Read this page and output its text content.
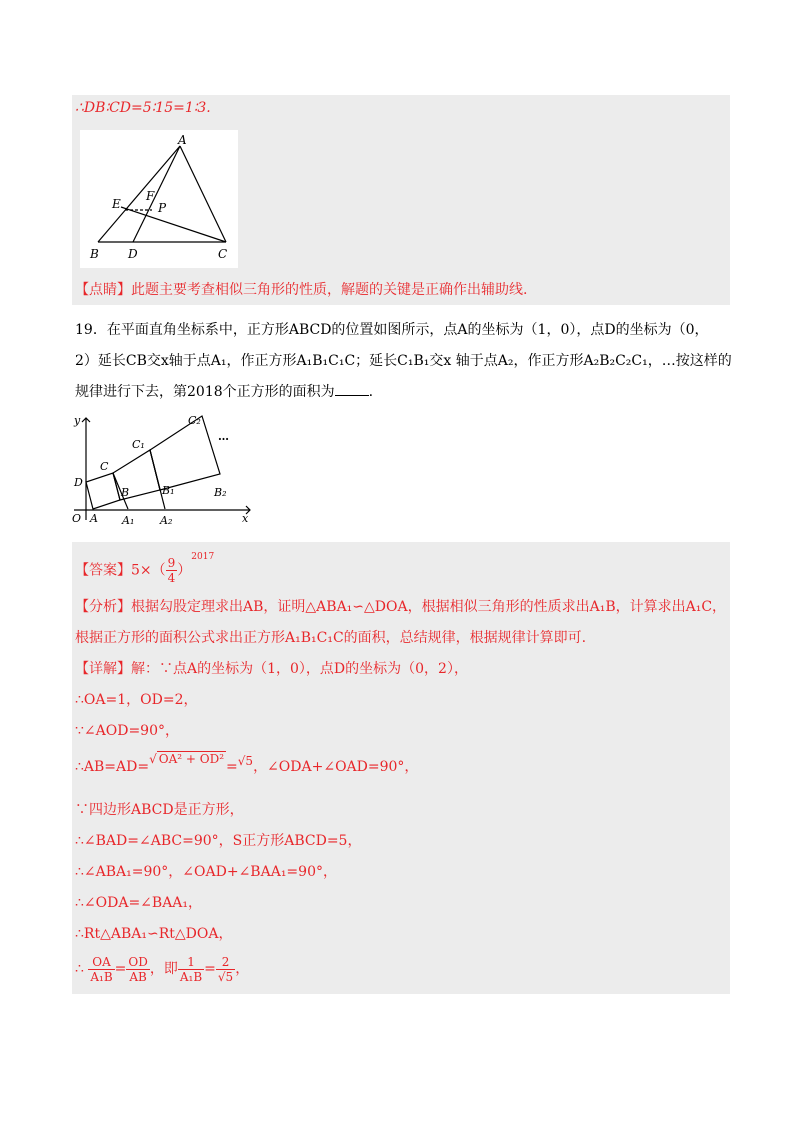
∴DB∶CD=5∶15=1∶3.
A
E
F
P
B D	C
【点睛】此题主要考查相似三角形的性质，解题的关键是正确作出辅助线.
19．在平面直角坐标系中，正方形ABCD的位置如图所示，点A的坐标为（1，0），点D的坐标为（0，
2）延长CB交x轴于点A₁，作正方形A₁B₁C₁C；延长C₁B₁交x 轴于点A₂，作正方形A₂B₂C₂C₁，…按这样的
规律进行下去，第2018个正方形的面积为 .
y
x
O A A₁ A₂
D
C
B
C₁
B₁
C₂
B₂
…
【答案】$5\times( \frac{9}{4} )^{2017}$
【分析】根据勾股定理求出AB，证明△ABA₁∽△DOA，根据相似三角形的性质求出A₁B，计算求出A₁C，
根据正方形的面积公式求出正方形A₁B₁C₁C的面积，总结规律，根据规律计算即可.
【详解】解：∵点A的坐标为（1，0），点D的坐标为（0，2），
∴OA=1，OD=2，
∵∠AOD=90°，
∴AB=AD=√ OA² + OD² =√5，∠ODA+∠OAD=90°，
∵四边形ABCD是正方形，
∴∠BAD=∠ABC=90°，S正方形ABCD=5，
∴∠ABA₁=90°，∠OAD+∠BAA₁=90°，
∴∠ODA=∠BAA₁，
∴Rt△ABA₁∽Rt△DOA，
∴ $\frac{OA}{\text{A₁B}} = \frac{OD}{AB}$ ，即 $\frac{1}{\text{A₁B}} = \frac{2}{√5}$ ，
